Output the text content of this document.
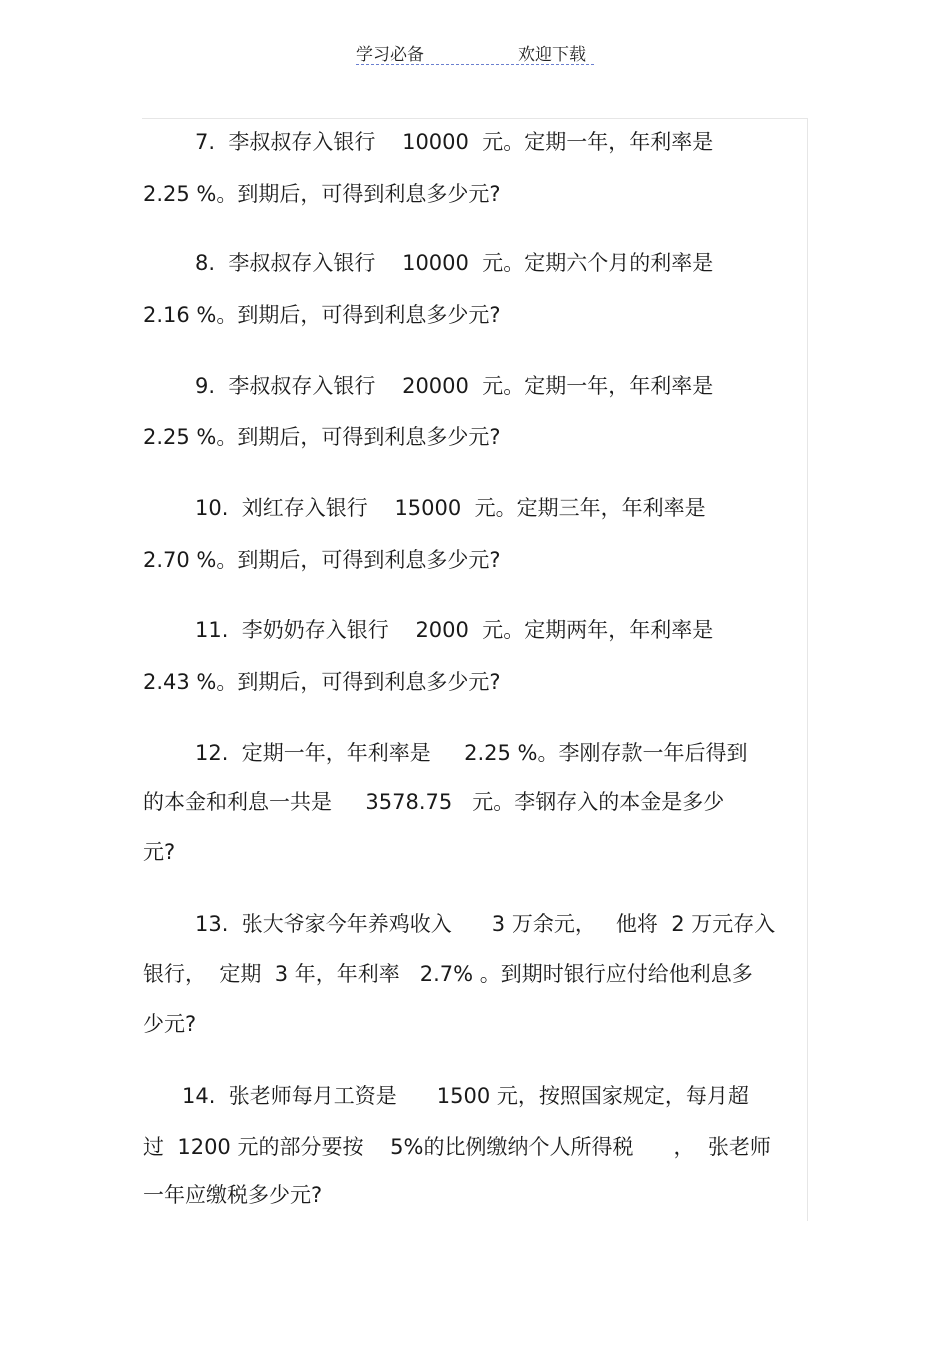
学习必备	欢迎下载
7.  李叔叔存入银行    10000  元。定期一年，年利率是
2.25 %。到期后，可得到利息多少元?
8.  李叔叔存入银行    10000  元。定期六个月的利率是
2.16 %。到期后，可得到利息多少元?
9.  李叔叔存入银行    20000  元。定期一年，年利率是
2.25 %。到期后，可得到利息多少元?
10.  刘红存入银行    15000  元。定期三年，年利率是
2.70 %。到期后，可得到利息多少元?
11.  李奶奶存入银行    2000  元。定期两年，年利率是
2.43 %。到期后，可得到利息多少元?
12.  定期一年，年利率是     2.25 %。李刚存款一年后得到
的本金和利息一共是     3578.75   元。李钢存入的本金是多少
元?
13.  张大爷家今年养鸡收入      3 万余元，   他将  2 万元存入
银行，  定期  3 年，年利率   2.7% 。到期时银行应付给他利息多
少元?
14.  张老师每月工资是      1500 元，按照国家规定，每月超
过  1200 元的部分要按    5%的比例缴纳个人所得税      ，  张老师
一年应缴税多少元?
